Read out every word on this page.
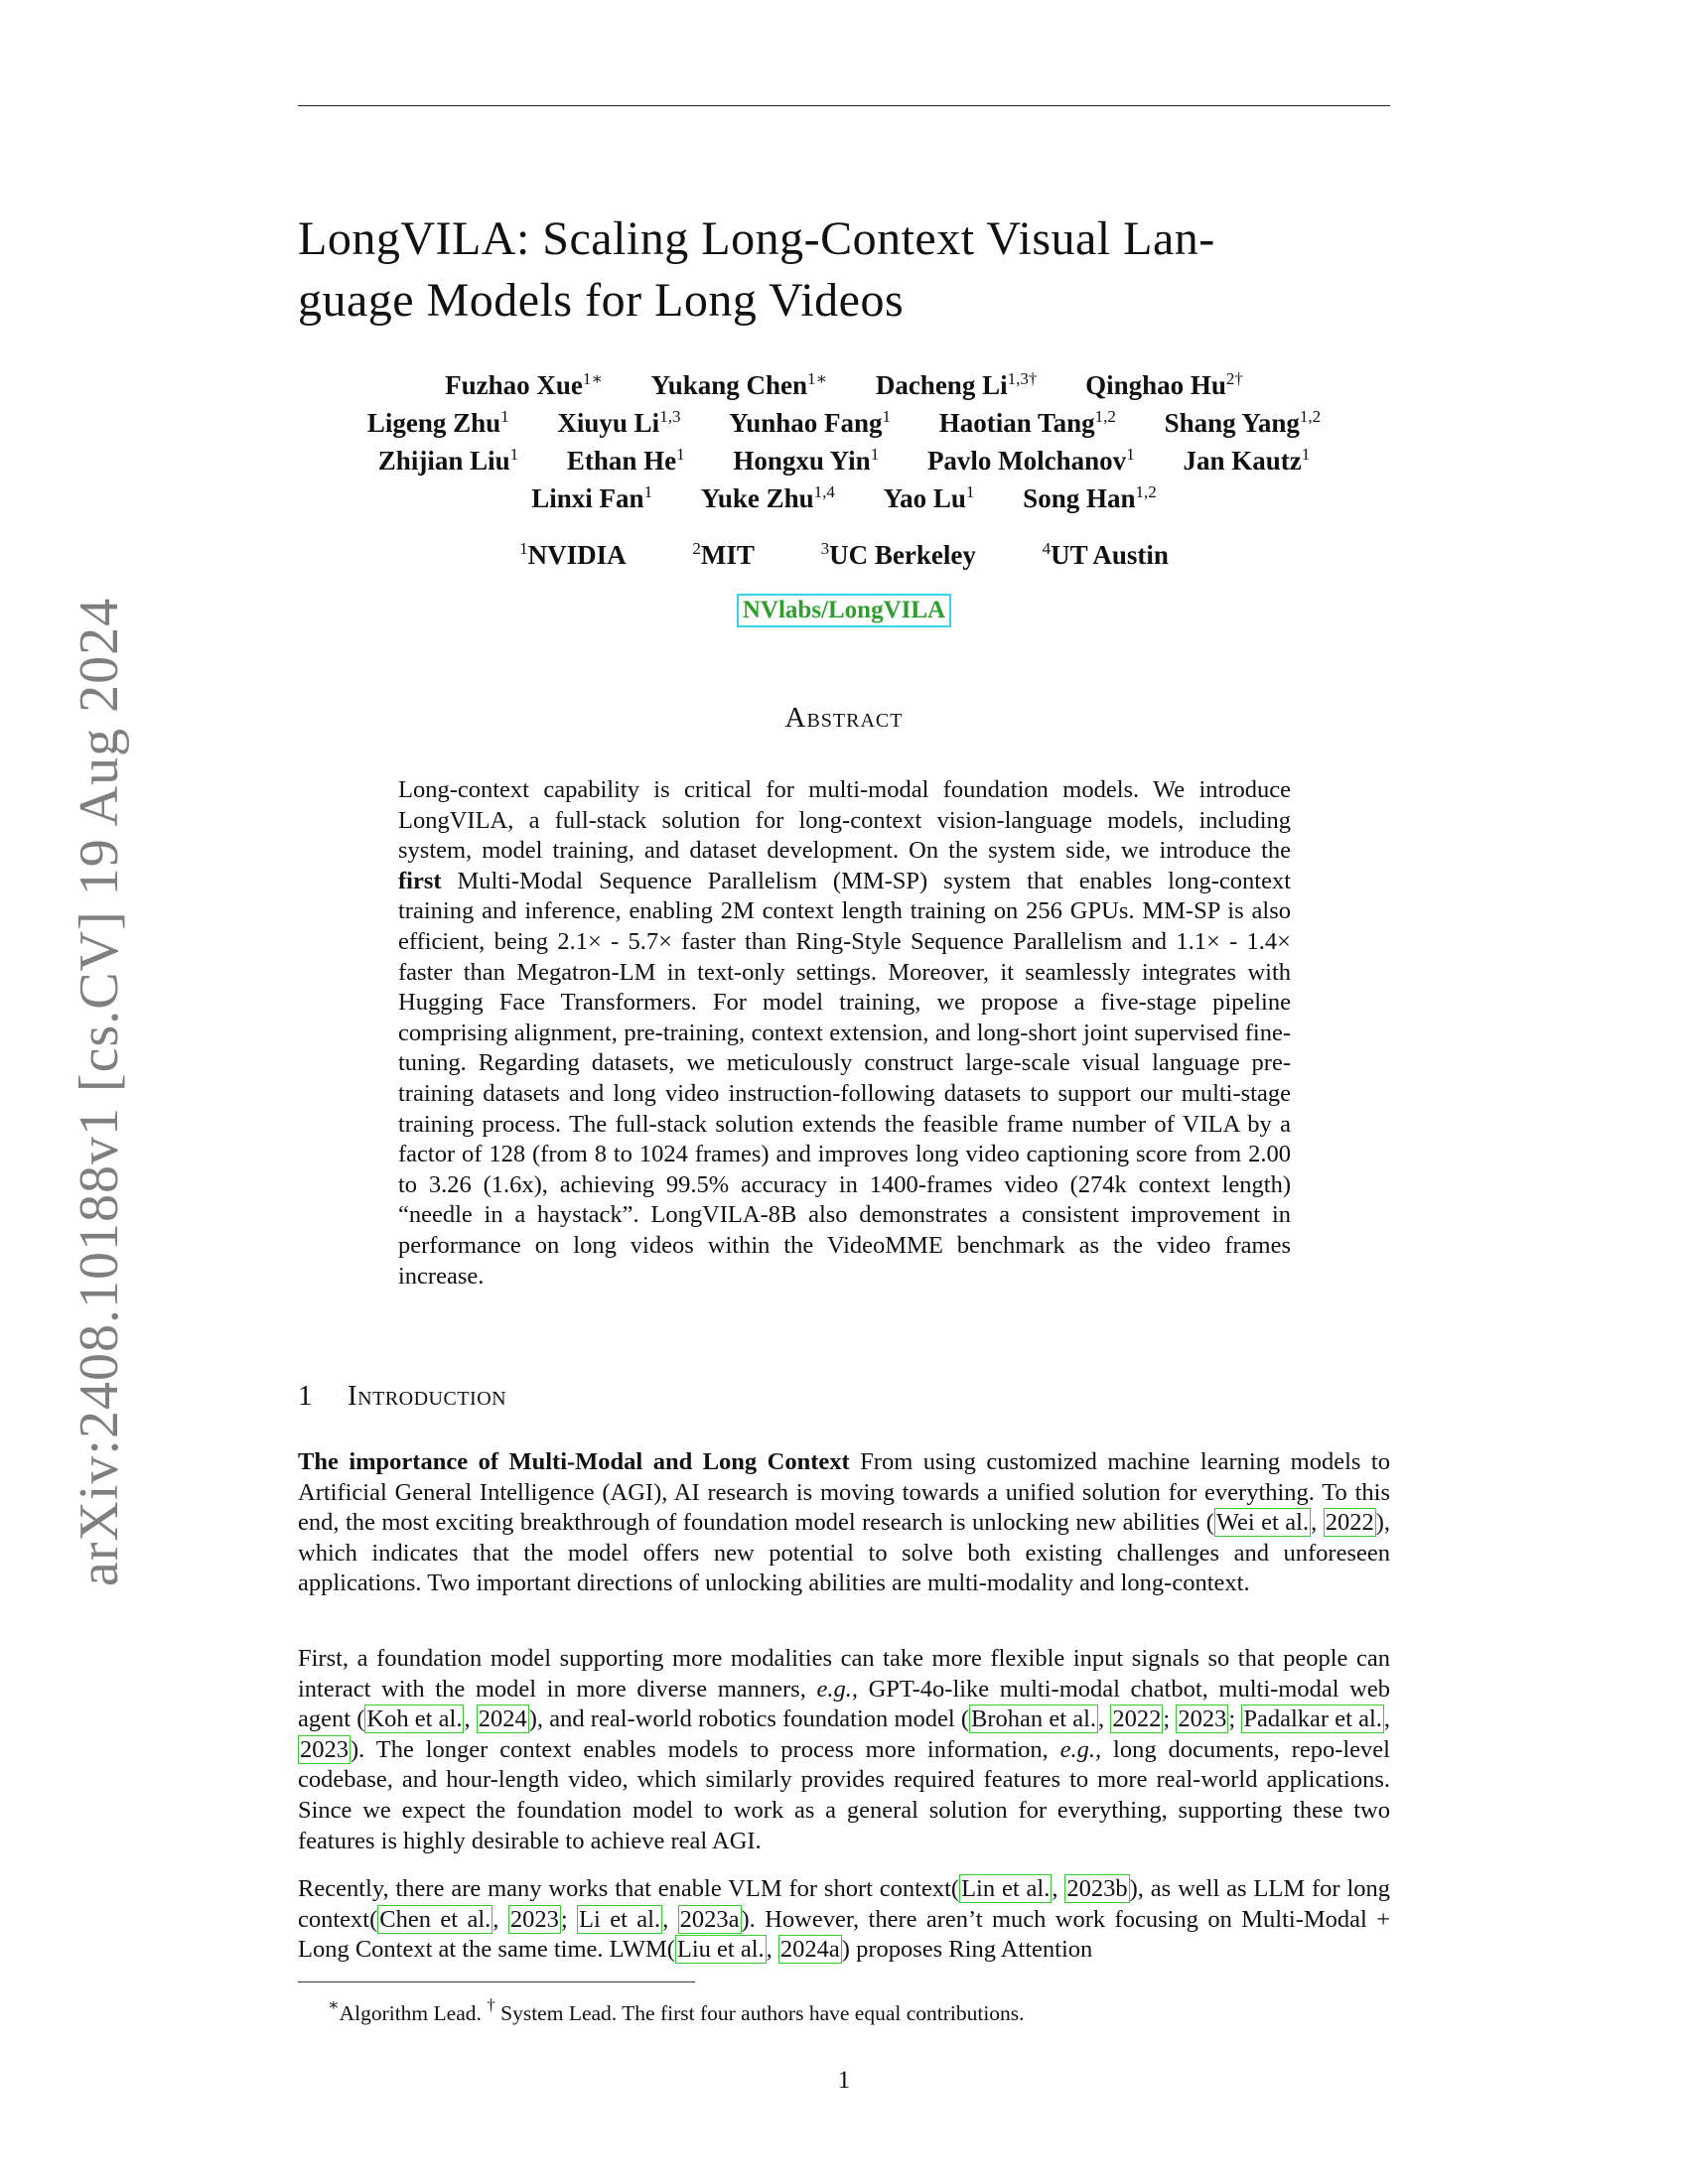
arXiv:2408.10188v1 [cs.CV] 19 Aug 2024
LongVILA: Scaling Long-Context Visual Lan-
guage Models for Long Videos
Fuzhao Xue$^{1∗}$ Yukang Chen$^{1∗}$ Dacheng $Li^{1,3\dagger}$ Qinghao $Hu^{2\dagger}$
Ligeng Zhu$^1$ Xiuyu Li$^{1,3}$ Yunhao Fang$^1$ Haotian Tang$^{1,2}$ Shang Yang$^{1,2}$
Zhijian Liu$^1$ Ethan He$^1$ Hongxu Yin$^1$ Pavlo Molchanov$^1$ Jan Kautz$^1$
Linxi Fan$^1$ Yuke Zhu$^{1,4}$ Yao Lu$^1$ Song Han$^{1,2}$
$^1$NVIDIA	$^2$MIT	$^3$UC Berkeley	$^4$UT Austin
NVlabs/LongVILA
Abstract

Long-context capability is critical for multi-modal foundation models. We introduce LongVILA, a full-stack solution for long-context vision-language models, including system, model training, and dataset development. On the system side, we introduce the first Multi-Modal Sequence Parallelism (MM-SP) system that enables long-context training and inference, enabling 2M context length training on 256 GPUs. MM-SP is also efficient, being 2.1× - 5.7× faster than Ring-Style Sequence Parallelism and 1.1× - 1.4× faster than Megatron-LM in text-only settings. Moreover, it seamlessly integrates with Hugging Face Transformers. For model training, we propose a five-stage pipeline comprising alignment, pre-training, context extension, and long-short joint supervised fine-tuning. Regarding datasets, we meticulously construct large-scale visual language pre-training datasets and long video instruction-following datasets to support our multi-stage training process. The full-stack solution extends the feasible frame number of VILA by a factor of 128 (from 8 to 1024 frames) and improves long video captioning score from 2.00 to 3.26 (1.6x), achieving 99.5% accuracy in 1400-frames video (274k context length) “needle in a haystack”. LongVILA-8B also demonstrates a consistent improvement in performance on long videos within the VideoMME benchmark as the video frames increase.

1 Introduction

The importance of Multi-Modal and Long Context From using customized machine learning models to Artificial General Intelligence (AGI), AI research is moving towards a unified solution for everything. To this end, the most exciting breakthrough of foundation model research is unlocking new abilities (Wei et al., 2022), which indicates that the model offers new potential to solve both existing challenges and unforeseen applications. Two important directions of unlocking abilities are multi-modality and long-context.

First, a foundation model supporting more modalities can take more flexible input signals so that people can interact with the model in more diverse manners, e.g., GPT-4o-like multi-modal chatbot, multi-modal web agent (Koh et al., 2024), and real-world robotics foundation model (Brohan et al., 2022; 2023; Padalkar et al., 2023). The longer context enables models to process more information, e.g., long documents, repo-level codebase, and hour-length video, which similarly provides required features to more real-world applications. Since we expect the foundation model to work as a general solution for everything, supporting these two features is highly desirable to achieve real AGI.

Recently, there are many works that enable VLM for short context(Lin et al., 2023b), as well as LLM for long context(Chen et al., 2023; Li et al., 2023a). However, there aren’t much work focusing on Multi-Modal + Long Context at the same time. LWM(Liu et al., 2024a) proposes Ring Attention

∗Algorithm Lead. † System Lead. The first four authors have equal contributions.
1
